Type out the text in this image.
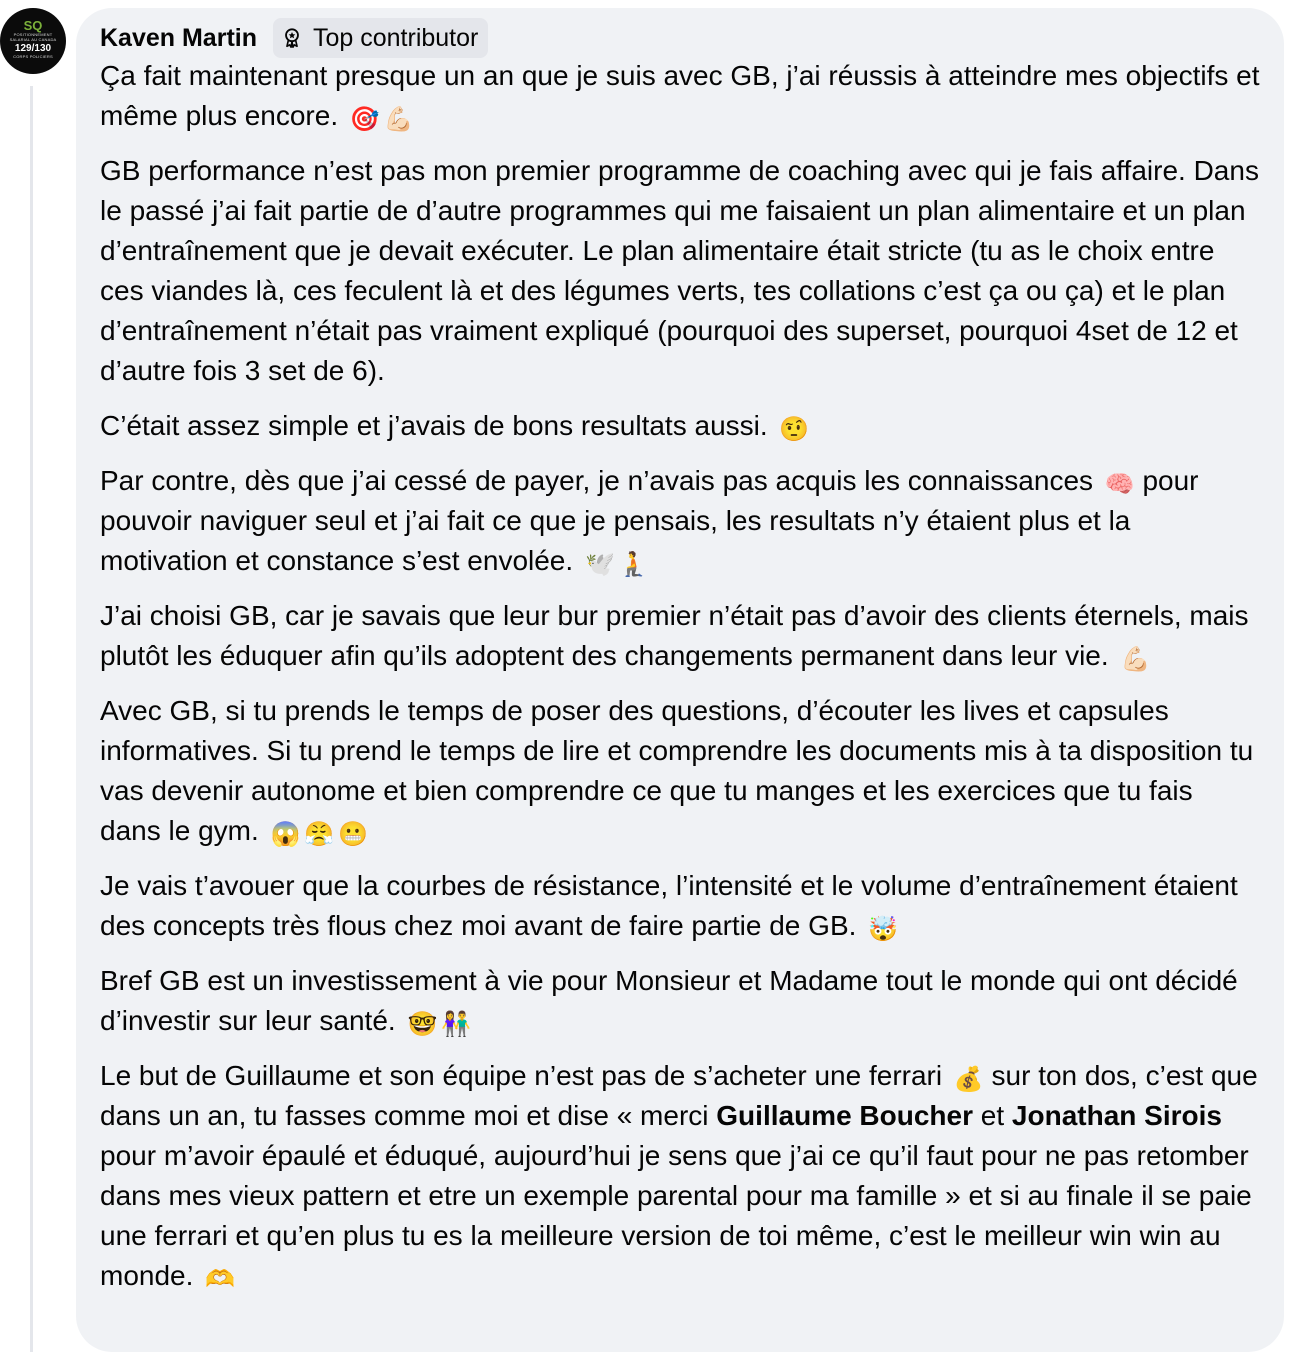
SQ
POSITIONNEMENT
SALARIAL AU CANADA
129/130
CORPS POLICIERS
Kaven Martin Top contributor

Ça fait maintenant presque un an que je suis avec GB, j’ai réussis à atteindre mes objectifs et même plus encore. 🎯 💪🏻

GB performance n’est pas mon premier programme de coaching avec qui je fais affaire. Dans le passé j’ai fait partie de d’autre programmes qui me faisaient un plan alimentaire et un plan d’entraînement que je devait exécuter. Le plan alimentaire était stricte (tu as le choix entre ces viandes là, ces feculent là et des légumes verts, tes collations c’est ça ou ça) et le plan d’entraînement n’était pas vraiment expliqué (pourquoi des superset, pourquoi 4set de 12 et d’autre fois 3 set de 6).

C’était assez simple et j’avais de bons resultats aussi. 🤨

Par contre, dès que j’ai cessé de payer, je n’avais pas acquis les connaissances 🧠 pour pouvoir naviguer seul et j’ai fait ce que je pensais, les resultats n’y étaient plus et la motivation et constance s’est envolée. 🕊️ 🧎

J’ai choisi GB, car je savais que leur bur premier n’était pas d’avoir des clients éternels, mais plutôt les éduquer afin qu’ils adoptent des changements permanent dans leur vie. 💪🏻

Avec GB, si tu prends le temps de poser des questions, d’écouter les lives et capsules informatives. Si tu prend le temps de lire et comprendre les documents mis à ta disposition tu vas devenir autonome et bien comprendre ce que tu manges et les exercices que tu fais dans le gym. 😱 😤 😬

Je vais t’avouer que la courbes de résistance, l’intensité et le volume d’entraînement étaient des concepts très flous chez moi avant de faire partie de GB. 🤯

Bref GB est un investissement à vie pour Monsieur et Madame tout le monde qui ont décidé d’investir sur leur santé. 🤓 👫

Le but de Guillaume et son équipe n’est pas de s’acheter une ferrari 💰 sur ton dos, c’est que dans un an, tu fasses comme moi et dise « merci Guillaume Boucher et Jonathan Sirois pour m’avoir épaulé et éduqué, aujourd’hui je sens que j’ai ce qu’il faut pour ne pas retomber dans mes vieux pattern et etre un exemple parental pour ma famille » et si au finale il se paie une ferrari et qu’en plus tu es la meilleure version de toi même, c’est le meilleur win win au monde. 🫶
